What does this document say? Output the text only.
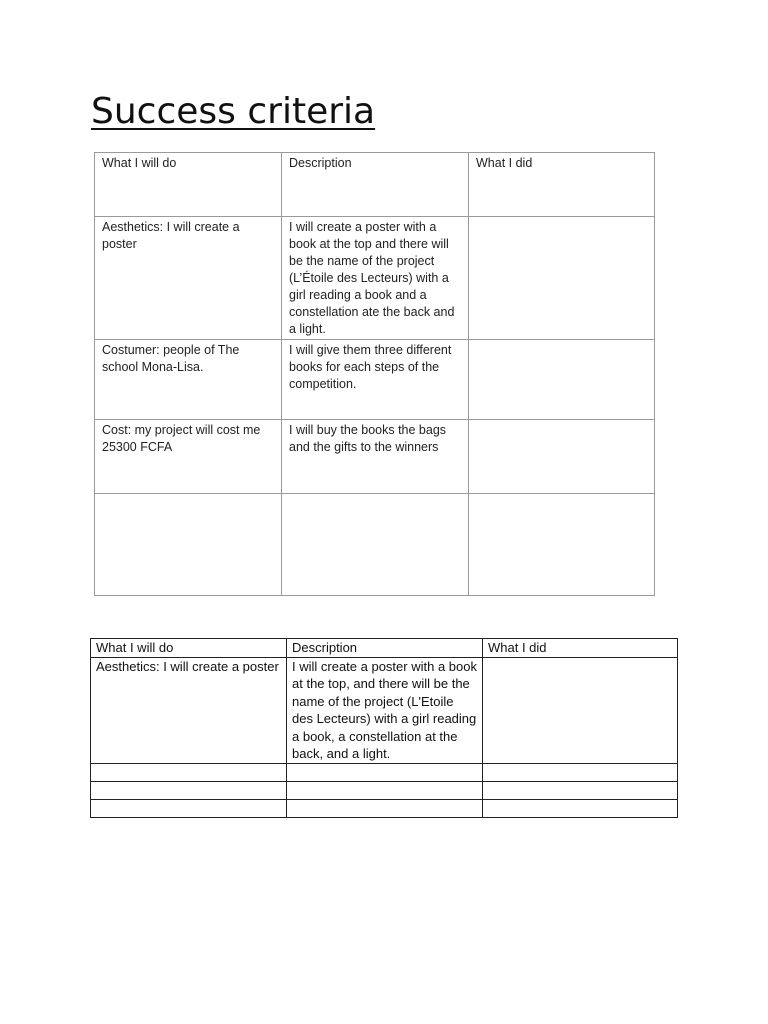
Success criteria
What I will do	Description	What I did
Aesthetics: I will create a poster	I will create a poster with a book at the top and there will be the name of the project (L’Étoile des Lecteurs) with a girl reading a book and a constellation ate the back and a light.	
Costumer: people of The school Mona-Lisa.	I will give them three different books for each steps of the competition.	
Cost: my project will cost me 25300 FCFA	I will buy the books the bags and the gifts to the winners	

What I will do	Description	What I did
Aesthetics: I will create a poster	I will create a poster with a book at the top, and there will be the name of the project (L'Etoile des Lecteurs) with a girl reading a book, a constellation at the back, and a light.	
